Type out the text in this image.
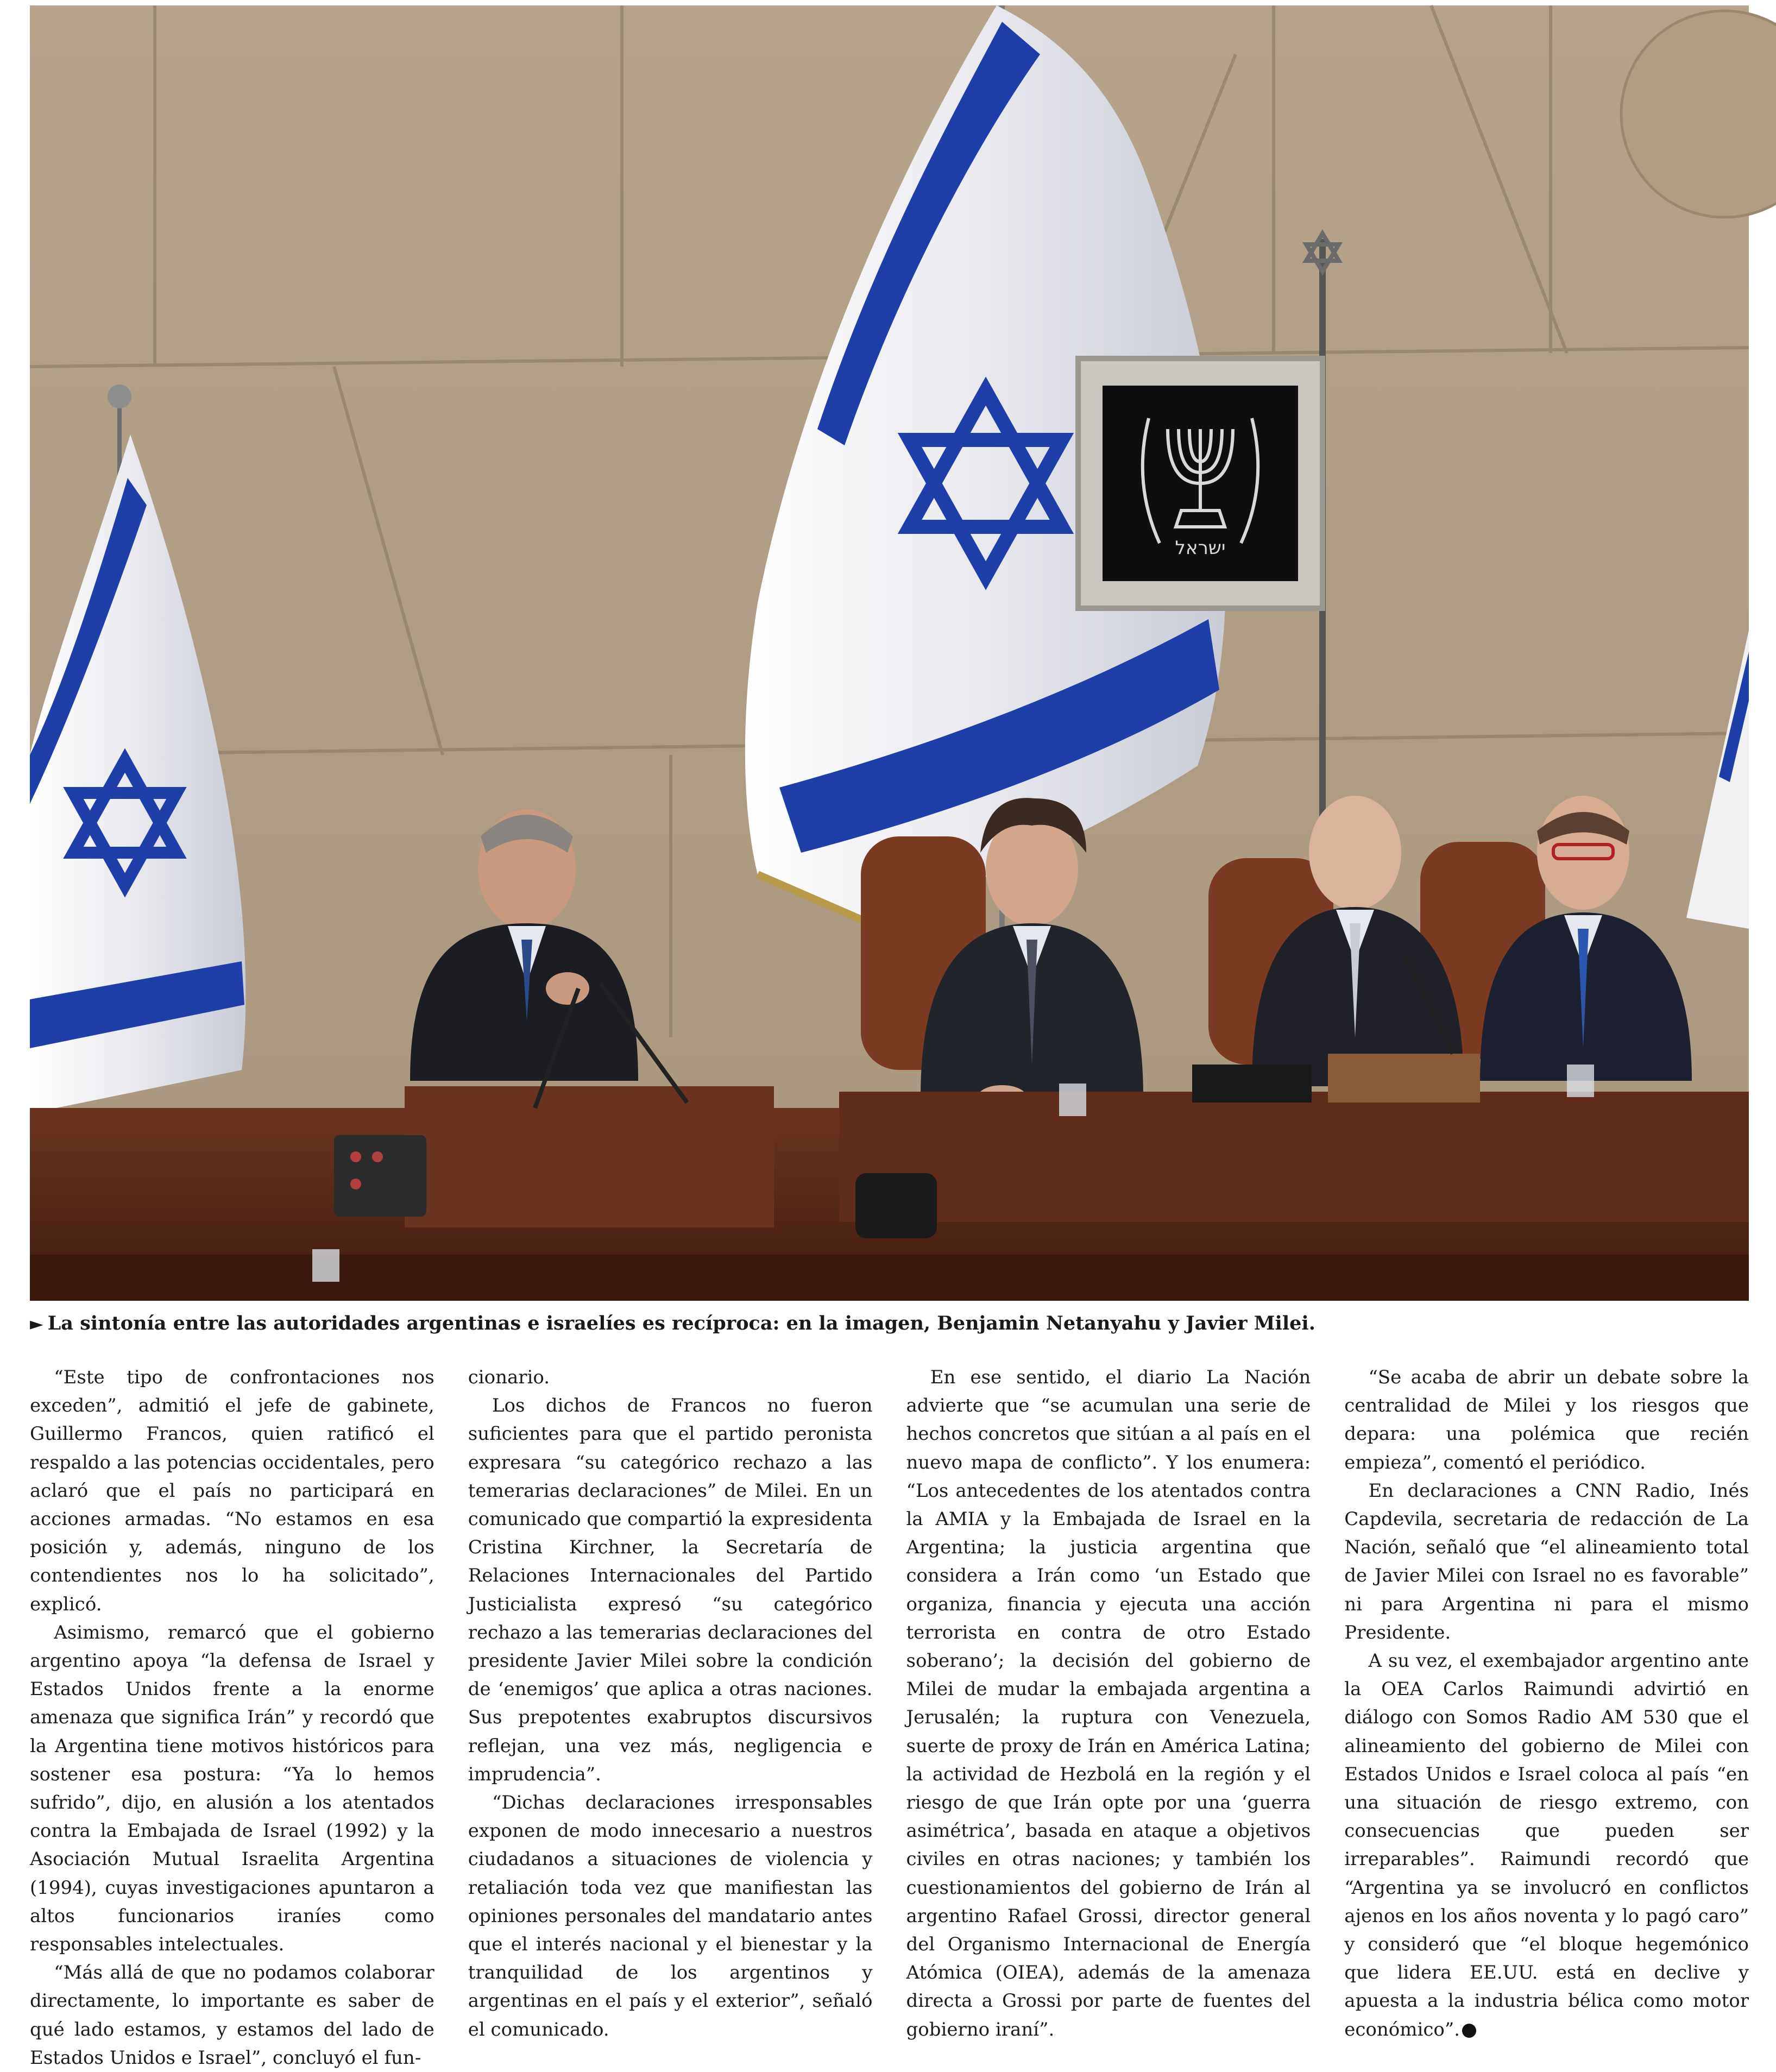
ישראל
► La sintonía entre las autoridades argentinas e israelíes es recíproca: en la imagen, Benjamin Netanyahu y Javier Milei.

“Este tipo de confrontaciones nos exceden”, admitió el jefe de gabinete, Guillermo Francos, quien ratificó el respaldo a las potencias occidentales, pero aclaró que el país no participará en acciones armadas. “No estamos en esa posición y, además, ninguno de los contendientes nos lo ha solicitado”, explicó.

Asimismo, remarcó que el gobierno argentino apoya “la defensa de Israel y Estados Unidos frente a la enorme amenaza que significa Irán” y recordó que la Argentina tiene motivos históricos para sostener esa postura: “Ya lo hemos sufrido”, dijo, en alusión a los atentados contra la Embajada de Israel (1992) y la Asociación Mutual Israelita Argentina (1994), cuyas investigaciones apuntaron a altos funcionarios iraníes como responsables intelectuales.

“Más allá de que no podamos colaborar directamente, lo importante es saber de qué lado estamos, y estamos del lado de Estados Unidos e Israel”, concluyó el fun-

cionario.

Los dichos de Francos no fueron suficientes para que el partido peronista expresara “su categórico rechazo a las temerarias declaraciones” de Milei. En un comunicado que compartió la expresidenta Cristina Kirchner, la Secretaría de Relaciones Internacionales del Partido Justicialista expresó “su categórico rechazo a las temerarias declaraciones del presidente Javier Milei sobre la condición de ‘enemigos’ que aplica a otras naciones. Sus prepotentes exabruptos discursivos reflejan, una vez más, negligencia e imprudencia”.

“Dichas declaraciones irresponsables exponen de modo innecesario a nuestros ciudadanos a situaciones de violencia y retaliación toda vez que manifiestan las opiniones personales del mandatario antes que el interés nacional y el bienestar y la tranquilidad de los argentinos y argentinas en el país y el exterior”, señaló el comunicado.

En ese sentido, el diario La Nación advierte que “se acumulan una serie de hechos concretos que sitúan a al país en el nuevo mapa de conflicto”. Y los enumera: “Los antecedentes de los atentados contra la AMIA y la Embajada de Israel en la Argentina; la justicia argentina que considera a Irán como ‘un Estado que organiza, financia y ejecuta una acción terrorista en contra de otro Estado soberano’; la decisión del gobierno de Milei de mudar la embajada argentina a Jerusalén; la ruptura con Venezuela, suerte de proxy de Irán en América Latina; la actividad de Hezbolá en la región y el riesgo de que Irán opte por una ‘guerra asimétrica’, basada en ataque a objetivos civiles en otras naciones; y también los cuestionamientos del gobierno de Irán al argentino Rafael Grossi, director general del Organismo Internacional de Energía Atómica (OIEA), además de la amenaza directa a Grossi por parte de fuentes del gobierno iraní”.

“Se acaba de abrir un debate sobre la centralidad de Milei y los riesgos que depara: una polémica que recién empieza”, comentó el periódico.

En declaraciones a CNN Radio, Inés Capdevila, secretaria de redacción de La Nación, señaló que “el alineamiento total de Javier Milei con Israel no es favorable” ni para Argentina ni para el mismo Presidente.

A su vez, el exembajador argentino ante la OEA Carlos Raimundi advirtió en diálogo con Somos Radio AM 530 que el alineamiento del gobierno de Milei con Estados Unidos e Israel coloca al país “en una situación de riesgo extremo, con consecuencias que pueden ser irreparables”. Raimundi recordó que “Argentina ya se involucró en conflictos ajenos en los años noventa y lo pagó caro” y consideró que “el bloque hegemónico que lidera EE.UU. está en declive y apuesta a la industria bélica como motor económico”.
